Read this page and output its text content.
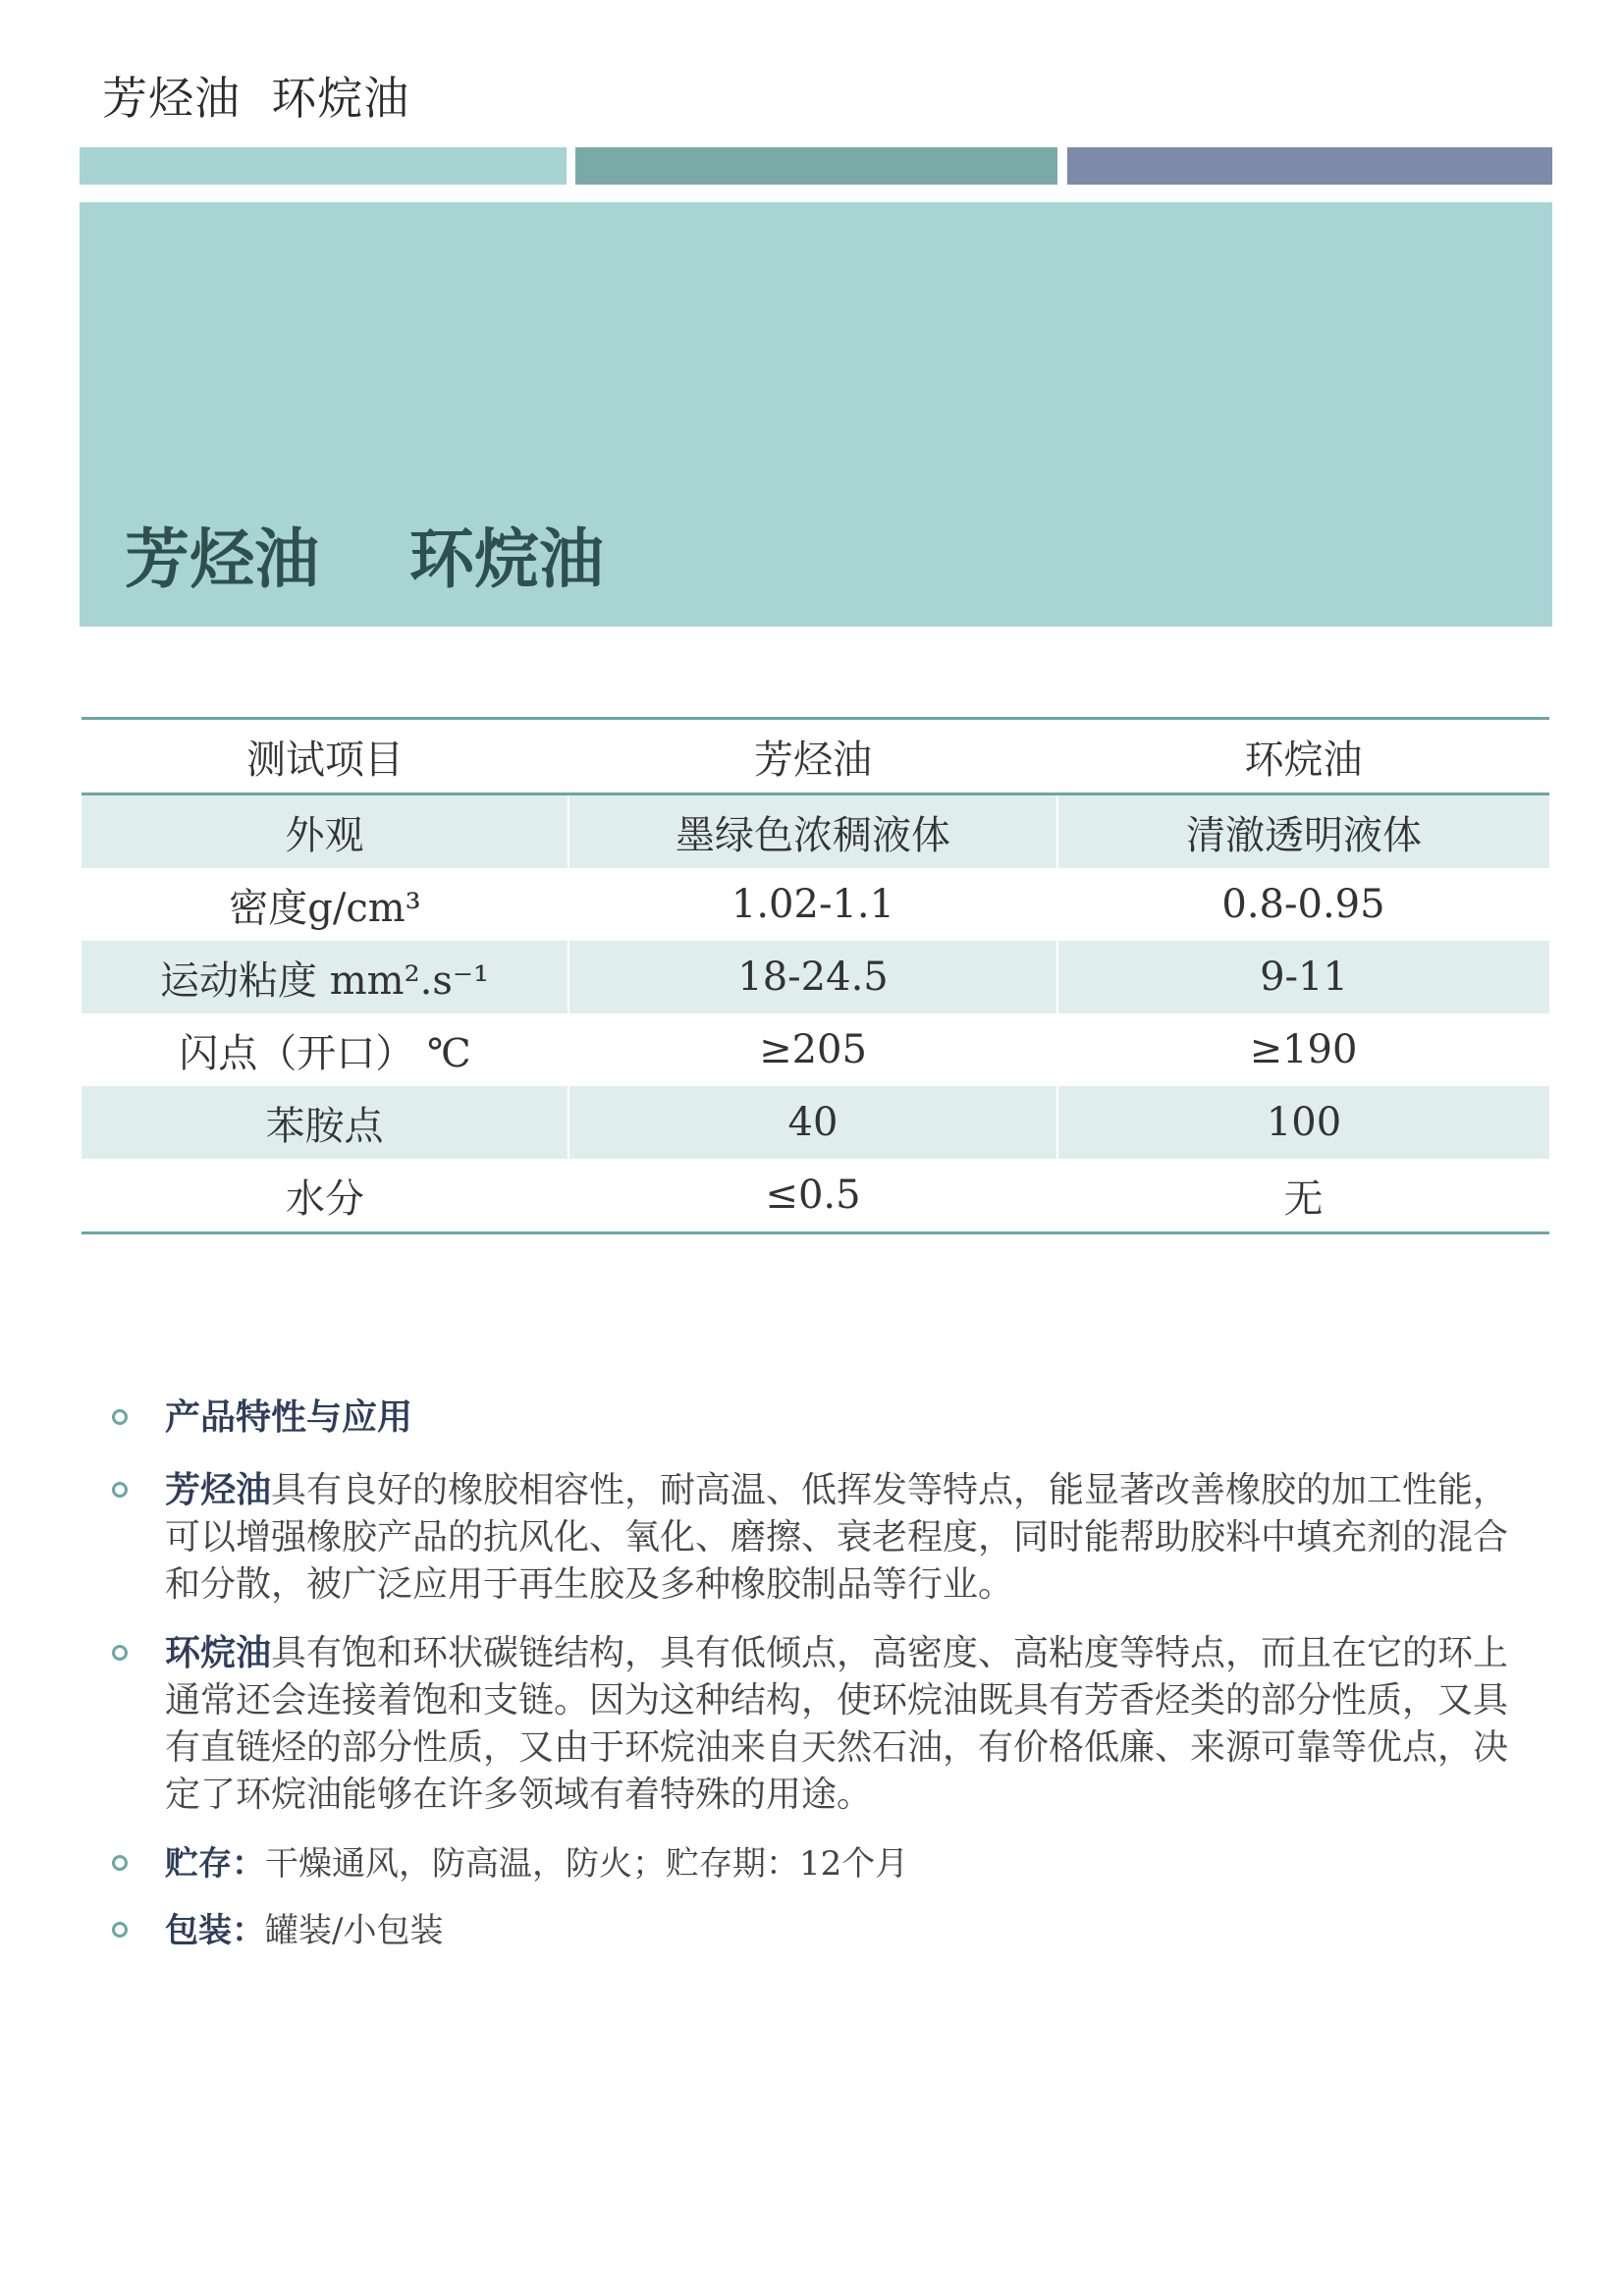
芳烃油  环烷油
芳烃油    环烷油
测试项目	芳烃油	环烷油
外观	墨绿色浓稠液体	清澈透明液体
密度g/cm³	1.02-1.1	0.8-0.95
运动粘度 mm².s⁻¹	18-24.5	9-11
闪点（开口） ℃	≥205	≥190
苯胺点	40	100
水分	≤0.5	无
产品特性与应用
芳烃油具有良好的橡胶相容性，耐高温、低挥发等特点，能显著改善橡胶的加工性能，可以增强橡胶产品的抗风化、氧化、磨擦、衰老程度，同时能帮助胶料中填充剂的混合和分散，被广泛应用于再生胶及多种橡胶制品等行业。
环烷油具有饱和环状碳链结构，具有低倾点，高密度、高粘度等特点，而且在它的环上通常还会连接着饱和支链。因为这种结构，使环烷油既具有芳香烃类的部分性质，又具有直链烃的部分性质，又由于环烷油来自天然石油，有价格低廉、来源可靠等优点，决定了环烷油能够在许多领域有着特殊的用途。
贮存：干燥通风，防高温，防火；贮存期：12个月
包装：罐装/小包装
